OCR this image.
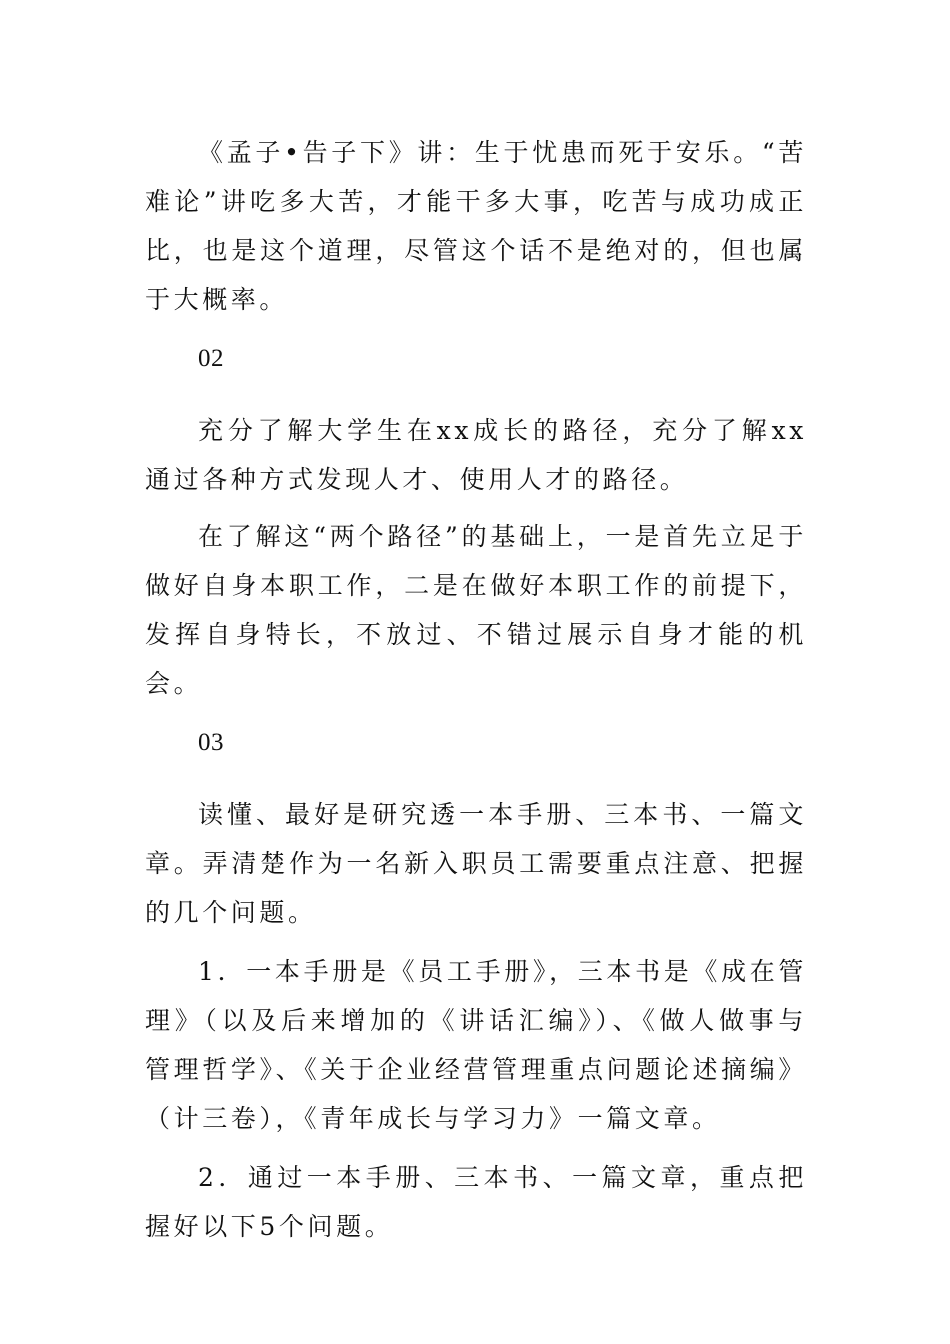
《孟子•告子下》讲：生于忧患而死于安乐。“苦难论”讲吃多大苦，才能干多大事，吃苦与成功成正比，也是这个道理，尽管这个话不是绝对的，但也属于大概率。

02

充分了解大学生在xx成长的路径，充分了解xx通过各种方式发现人才、使用人才的路径。

在了解这“两个路径”的基础上，一是首先立足于做好自身本职工作，二是在做好本职工作的前提下，发挥自身特长，不放过、不错过展示自身才能的机会。

03

读懂、最好是研究透一本手册、三本书、一篇文章。弄清楚作为一名新入职员工需要重点注意、把握的几个问题。

1．一本手册是《员工手册》，三本书是《成在管理》（以及后来增加的《讲话汇编》）、《做人做事与管理哲学》、《关于企业经营管理重点问题论述摘编》（计三卷），《青年成长与学习力》一篇文章。

2．通过一本手册、三本书、一篇文章，重点把握好以下5个问题。
